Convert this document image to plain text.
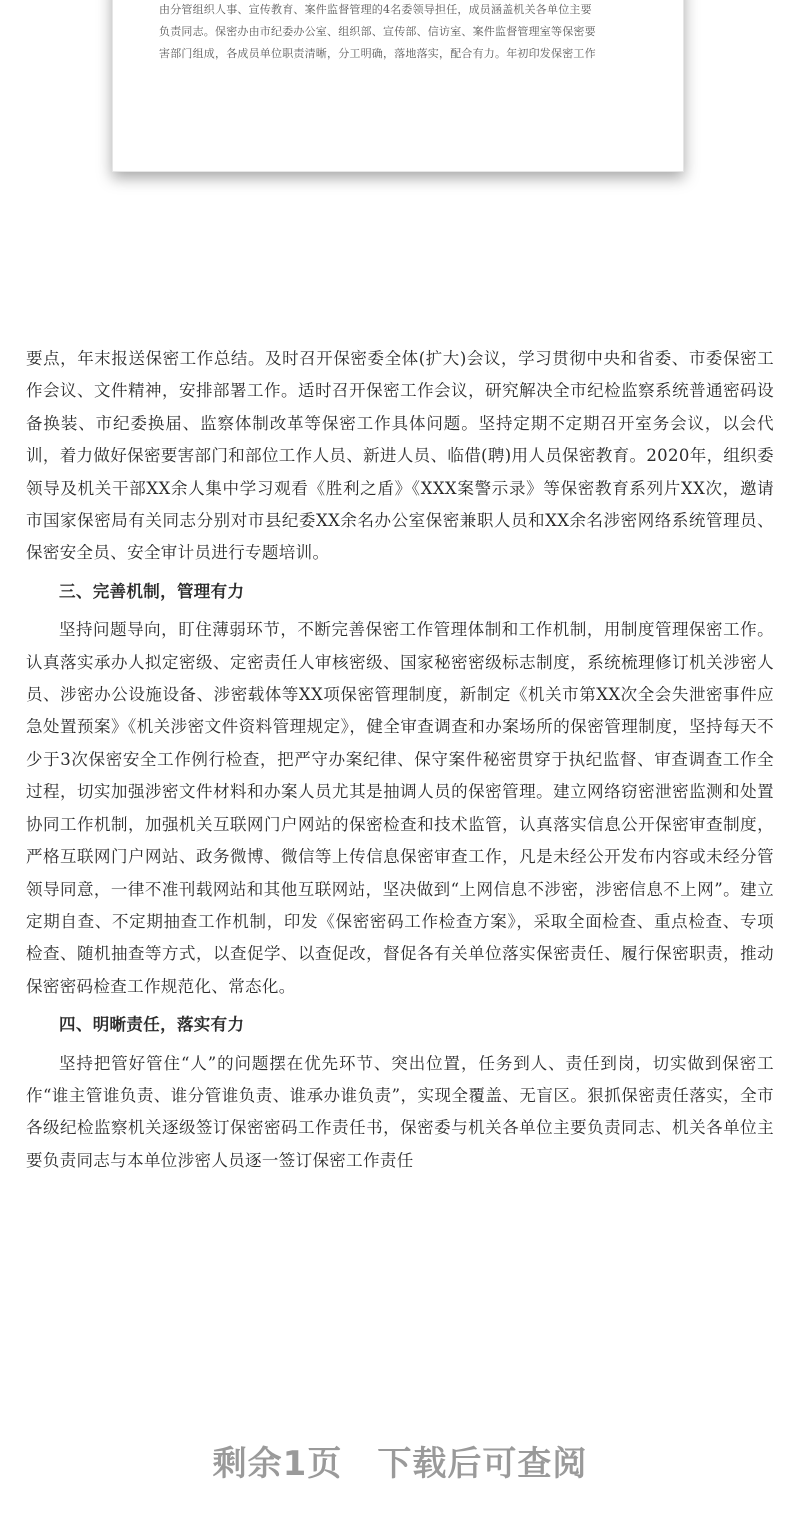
由分管组织人事、宣传教育、案件监督管理的4名委领导担任，成员涵盖机关各单位主要

负责同志。保密办由市纪委办公室、组织部、宣传部、信访室、案件监督管理室等保密要

害部门组成，各成员单位职责清晰，分工明确，落地落实，配合有力。年初印发保密工作

要点，年末报送保密工作总结。及时召开保密委全体(扩大)会议，学习贯彻中央和省委、市委保密工作会议、文件精神，安排部署工作。适时召开保密工作会议，研究解决全市纪检监察系统普通密码设备换装、市纪委换届、监察体制改革等保密工作具体问题。坚持定期不定期召开室务会议，以会代训，着力做好保密要害部门和部位工作人员、新进人员、临借(聘)用人员保密教育。2020年，组织委领导及机关干部XX余人集中学习观看《胜利之盾》《XXX案警示录》等保密教育系列片XX次，邀请市国家保密局有关同志分别对市县纪委XX余名办公室保密兼职人员和XX余名涉密网络系统管理员、保密安全员、安全审计员进行专题培训。

三、完善机制，管理有力

坚持问题导向，盯住薄弱环节，不断完善保密工作管理体制和工作机制，用制度管理保密工作。认真落实承办人拟定密级、定密责任人审核密级、国家秘密密级标志制度，系统梳理修订机关涉密人员、涉密办公设施设备、涉密载体等XX项保密管理制度，新制定《机关市第XX次全会失泄密事件应急处置预案》《机关涉密文件资料管理规定》，健全审查调查和办案场所的保密管理制度，坚持每天不少于3次保密安全工作例行检查，把严守办案纪律、保守案件秘密贯穿于执纪监督、审查调查工作全过程，切实加强涉密文件材料和办案人员尤其是抽调人员的保密管理。建立网络窃密泄密监测和处置协同工作机制，加强机关互联网门户网站的保密检查和技术监管，认真落实信息公开保密审查制度，严格互联网门户网站、政务微博、微信等上传信息保密审查工作，凡是未经公开发布内容或未经分管领导同意，一律不准刊载网站和其他互联网站，坚决做到“上网信息不涉密，涉密信息不上网”。建立定期自查、不定期抽查工作机制，印发《保密密码工作检查方案》，采取全面检查、重点检查、专项检查、随机抽查等方式，以查促学、以查促改，督促各有关单位落实保密责任、履行保密职责，推动保密密码检查工作规范化、常态化。

四、明晰责任，落实有力

坚持把管好管住“人”的问题摆在优先环节、突出位置，任务到人、责任到岗，切实做到保密工作“谁主管谁负责、谁分管谁负责、谁承办谁负责”，实现全覆盖、无盲区。狠抓保密责任落实，全市各级纪检监察机关逐级签订保密密码工作责任书，保密委与机关各单位主要负责同志、机关各单位主要负责同志与本单位涉密人员逐一签订保密工作责任

剩余1页　下载后可查阅
